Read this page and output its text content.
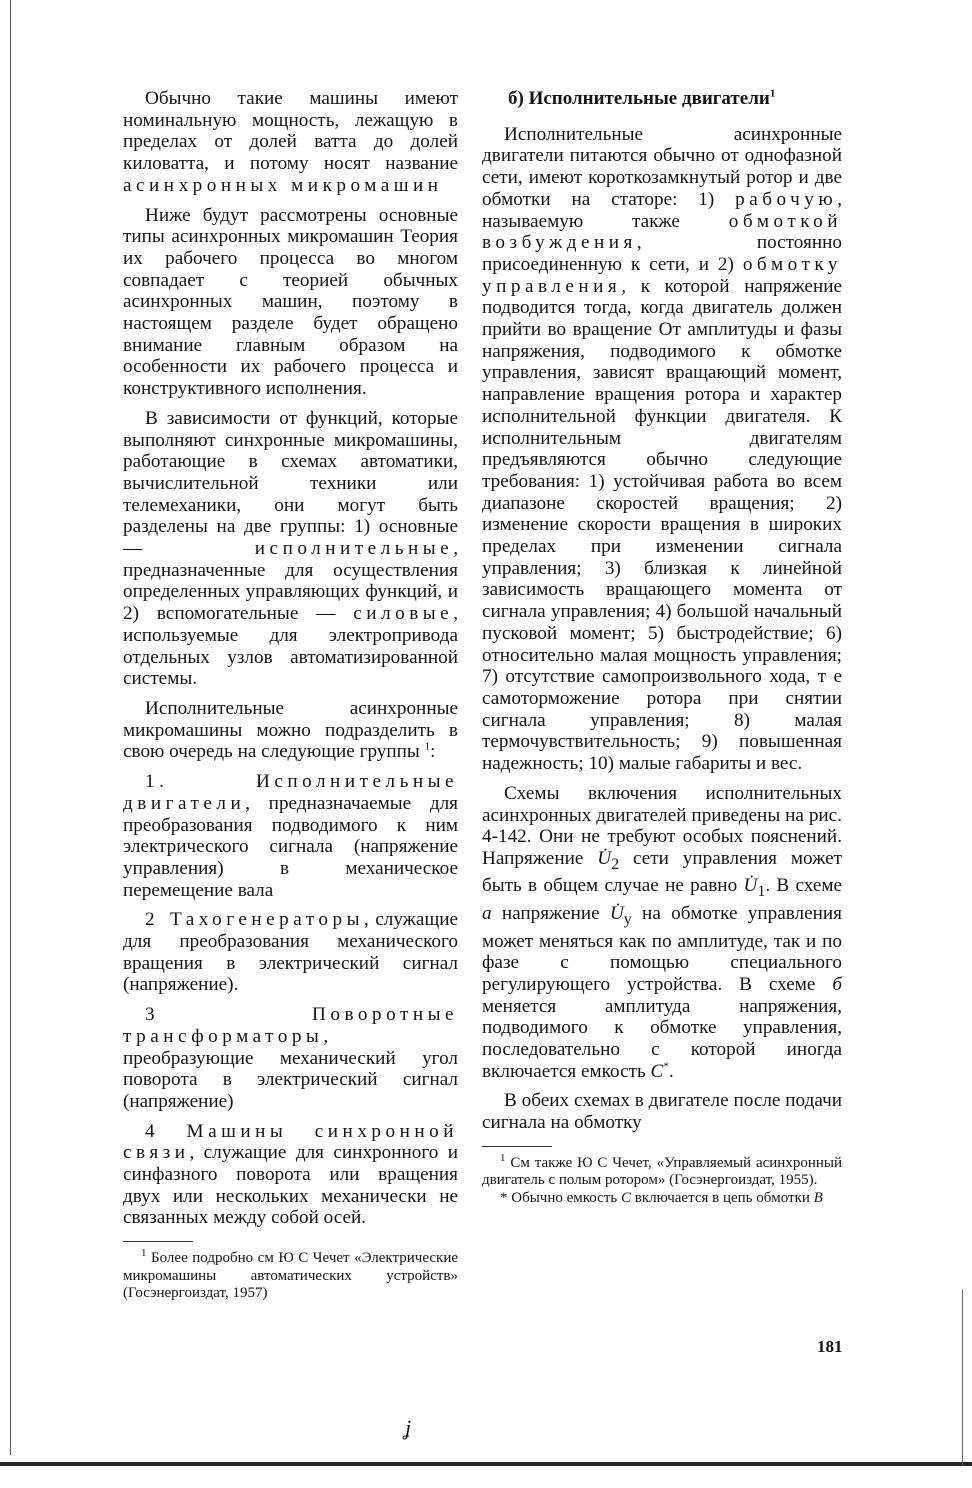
Обычно такие машины имеют номинальную мощность, лежащую в пределах от долей ватта до долей киловатта, и потому носят название асинхронных микромашин

Ниже будут рассмотрены основные типы асинхронных микромашин Теория их рабочего процесса во многом совпадает с теорией обычных асинхронных машин, поэтому в настоящем разделе будет обращено внимание главным образом на особенности их рабочего процесса и конструктивного исполнения.

В зависимости от функций, которые выполняют синхронные микромашины, работающие в схемах автоматики, вычислительной техники или телемеханики, они могут быть разделены на две группы: 1) основные — исполнительные, предназначенные для осуществления определенных управляющих функций, и 2) вспомогательные — силовые, используемые для электропривода отдельных узлов автоматизированной системы.

Исполнительные асинхронные микромашины можно подразделить в свою очередь на следующие группы $^1$:

1. Исполнительные двигатели, предназначаемые для преобразования подводимого к ним электрического сигнала (напряжение управления) в механическое перемещение вала

2 Тахогенераторы, служащие для преобразования механического вращения в электрический сигнал (напряжение).

3 Поворотные трансформаторы, преобразующие механический угол поворота в электрический сигнал (напряжение)

4 Машины синхронной связи, служащие для синхронного и синфазного поворота или вращения двух или нескольких механически не связанных между собой осей.

$^1$ Более подробно см Ю С Чечет «Электрические микромашины автоматических устройств» (Госэнергоиздат, 1957)

б) Исполнительные двигатели$^1$

Исполнительные асинхронные двигатели питаются обычно от однофазной сети, имеют короткозамкнутый ротор и две обмотки на статоре: 1) рабочую, называемую также обмоткой возбуждения, постоянно присоединенную к сети, и 2) обмотку управления, к которой напряжение подводится тогда, когда двигатель должен прийти во вращение От амплитуды и фазы напряжения, подводимого к обмотке управления, зависят вращающий момент, направление вращения ротора и характер исполнительной функции двигателя. К исполнительным двигателям предъявляются обычно следующие требования: 1) устойчивая работа во всем диапазоне скоростей вращения; 2) изменение скорости вращения в широких пределах при изменении сигнала управления; 3) близкая к линейной зависимость вращающего момента от сигнала управления; 4) большой начальный пусковой момент; 5) быстродействие; 6) относительно малая мощность управления; 7) отсутствие самопроизвольного хода, т е самоторможение ротора при снятии сигнала управления; 8) малая термочувствительность; 9) повышенная надежность; 10) малые габариты и вес.

Схемы включения исполнительных асинхронных двигателей приведены на рис. 4-142. Они не требуют особых пояснений. Напряжение $U̇_2$ сети управления может быть в общем случае не равно $U̇_1$. В схеме а напряжение $U̇_у$ на обмотке управления может меняться как по амплитуде, так и по фазе с помощью специального регулирующего устройства. В схеме б меняется амплитуда напряжения, подводимого к обмотке управления, последовательно с которой иногда включается емкость C*.

В обеих схемах в двигателе после подачи сигнала на обмотку

$^1$ См также Ю С Чечет, «Управляемый асинхронный двигатель с полым ротором» (Госэнергоиздат, 1955).

* Обычно емкость C включается в цепь обмотки B

181
ʝ
